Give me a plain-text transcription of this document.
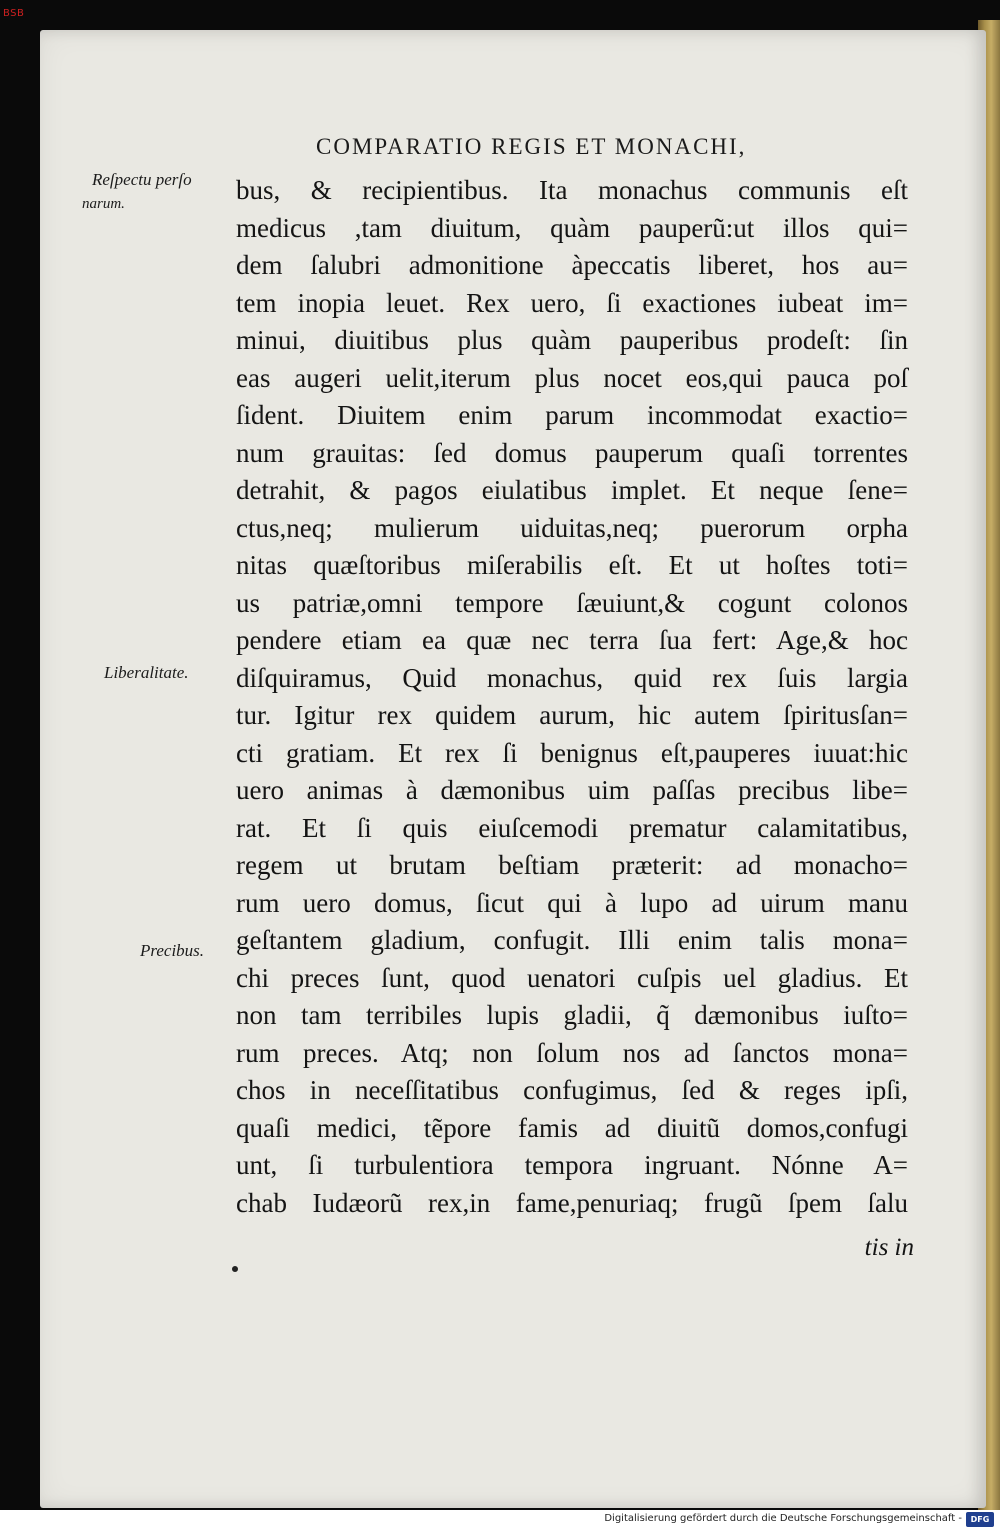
BSB
COMPARATIO REGIS ET MONACHI,
Reſpectu perſo
narum.
Liberalitate.
Precibus.
bus, & recipientibus. Ita monachus communis eſt
medicus ,tam diuitum, quàm pauperũ:ut illos qui=
dem ſalubri admonitione àpeccatis liberet, hos au=
tem inopia leuet. Rex uero, ſi exactiones iubeat im=
minui, diuitibus plus quàm pauperibus prodeſt: ſin
eas augeri uelit,iterum plus nocet eos,qui pauca poſ
ſident. Diuitem enim parum incommodat exactio=
num grauitas: ſed domus pauperum quaſi torrentes
detrahit, & pagos eiulatibus implet. Et neque ſene=
ctus,neq; mulierum uiduitas,neq; puerorum orpha
nitas quæſtoribus miſerabilis eſt. Et ut hoſtes toti=
us patriæ,omni tempore ſæuiunt,& cogunt colonos
pendere etiam ea quæ nec terra ſua fert: Age,& hoc
diſquiramus, Quid monachus, quid rex ſuis largia
tur. Igitur rex quidem aurum, hic autem ſpiritusſan=
cti gratiam. Et rex ſi benignus eſt,pauperes iuuat:hic
uero animas à dæmonibus uim paſſas precibus libe=
rat. Et ſi quis eiuſcemodi prematur calamitatibus,
regem ut brutam beſtiam præterit: ad monacho=
rum uero domus, ſicut qui à lupo ad uirum manu
geſtantem gladium, confugit. Illi enim talis mona=
chi preces ſunt, quod uenatori cuſpis uel gladius. Et
non tam terribiles lupis gladii, q̃ dæmonibus iuſto=
rum preces. Atq; non ſolum nos ad ſanctos mona=
chos in neceſſitatibus confugimus, ſed & reges ipſi,
quaſi medici, tẽpore famis ad diuitũ domos,confugi
unt, ſi turbulentiora tempora ingruant. Nónne A=
chab Iudæorũ rex,in fame,penuriaq; frugũ ſpem ſalu
tis in
Digitalisierung gefördert durch die Deutsche Forschungsgemeinschaft -	DFG
